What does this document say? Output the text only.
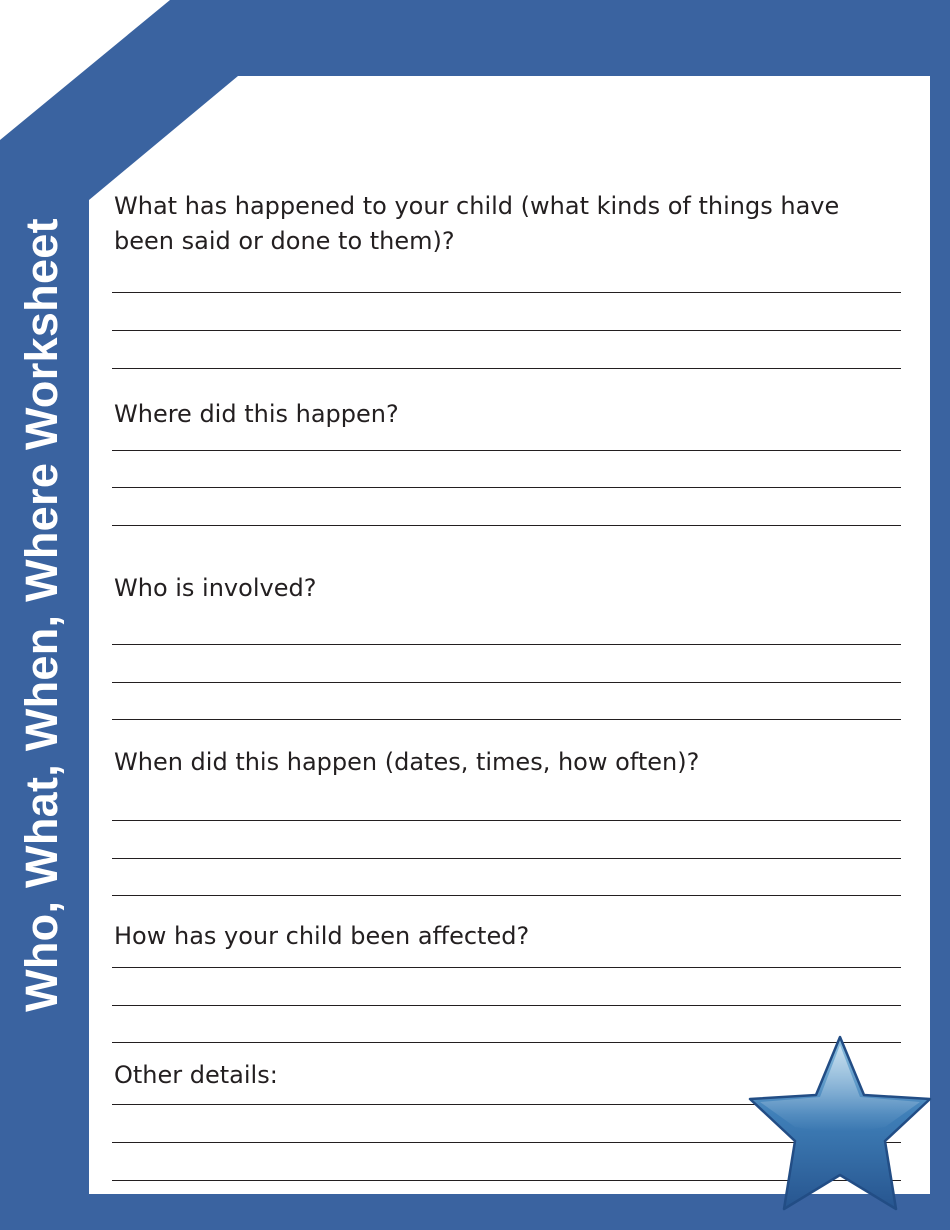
Who, What, When, Where Worksheet

What has happened to your child (what kinds of things have been said or done to them)?

Where did this happen?

Who is involved?

When did this happen (dates, times, how often)?

How has your child been affected?

Other details:
